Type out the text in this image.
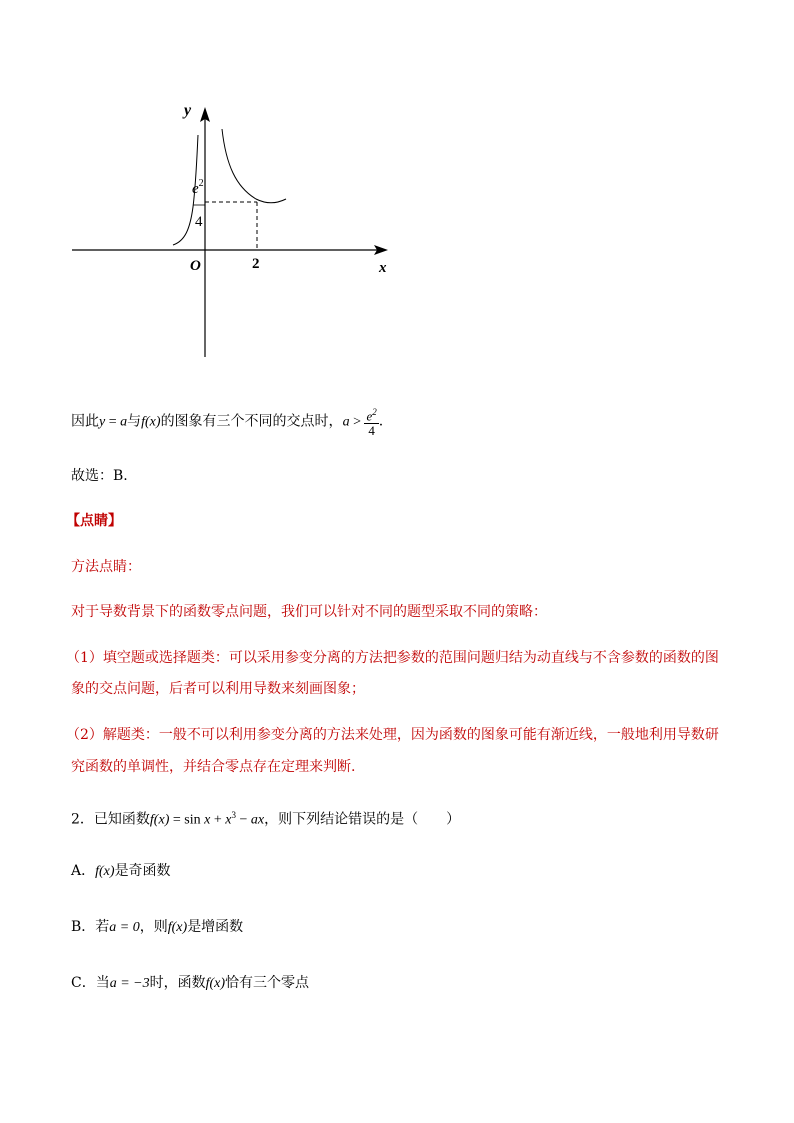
y
x
O	2
$e^2$
4
因此y = a与f(x)的图象有三个不同的交点时，$a > \frac{e^2}{4}$ .
故选：B.
【点睛】
方法点睛：
对于导数背景下的函数零点问题，我们可以针对不同的题型采取不同的策略：
（1）填空题或选择题类：可以采用参变分离的方法把参数的范围问题归结为动直线与不含参数的函数的图
象的交点问题，后者可以利用导数来刻画图象；
（2）解题类：一般不可以利用参变分离的方法来处理，因为函数的图象可能有渐近线，一般地利用导数研
究函数的单调性，并结合零点存在定理来判断.
2．已知函数$f(x) = \sin x + x^3$ − ax，则下列结论错误的是（　　）
A．f(x)是奇函数
B．若a = 0，则f(x)是增函数
C．当a = −3时，函数f(x)恰有三个零点
